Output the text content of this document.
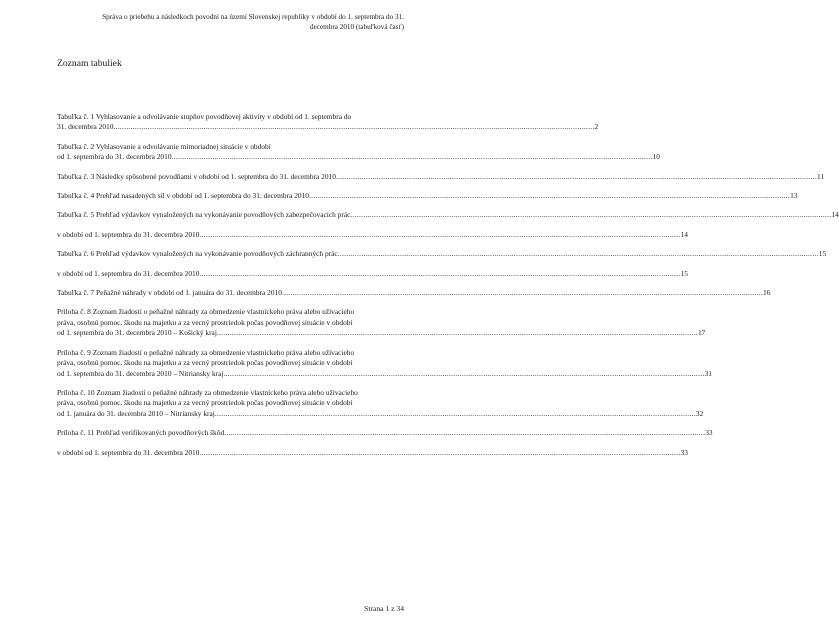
Správa o priebehu a následkoch povodní na území Slovenskej republiky v období do 1. septembra do 31.
decembra 2010 (tabuľková časť)
Zoznam tabuliek
Tabuľka č. 1 Vyhlasovanie a odvolávanie stupňov povodňovej aktivity v období od 1. septembra do
31. decembra 2010 .....	2
Tabuľka č. 2 Vyhlasovanie a odvolávanie mimoriadnej situácie v období
od 1. septembra do 31. decembra 2010 .....	10
Tabuľka č. 3 Následky spôsobené povodňami v období od 1. septembra do 31. decembra 2010 .....	11
Tabuľka č. 4 Prehľad nasadených síl v období od 1. septembra do 31. decembra 2010 .....	13
Tabuľka č. 5 Prehľad výdavkov vynaložených na vykonávanie povodňových zabezpečovacích prác .....	14
v období od 1. septembra do 31. decembra 2010 .....	14
Tabuľka č. 6 Prehľad výdavkov vynaložených na vykonávanie povodňových záchranných prác .....	15
v období od 1. septembra do 31. decembra 2010 .....	15
Tabuľka č. 7 Peňažné náhrady v období od 1. januára do 31. decembra 2010 .....	16
Príloha č. 8 Zoznam žiadostí o peňažné náhrady za obmedzenie vlastníckeho práva alebo užívacieho
práva, osobnú pomoc, škodu na majetku a za vecný prostriedok počas povodňovej situácie v období
od 1. septembra do 31. decembra 2010 – Košický kraj .....	17
Príloha č. 9 Zoznam žiadostí o peňažné náhrady za obmedzenie vlastníckeho práva alebo užívacieho
práva, osobnú pomoc, škodu na majetku a za vecný prostriedok počas povodňovej situácie v období
od 1. septembra do 31. decembra 2010 – Nitriansky kraj .....	31
Príloha č. 10 Zoznam žiadostí o peňažné náhrady za obmedzenie vlastníckeho práva alebo užívacieho
práva, osobnú pomoc, škodu na majetku a za vecný prostriedok počas povodňovej situácie v období
od 1. januára do 31. decembra 2010 – Nitriansky kraj .....	32
Príloha č. 11 Prehľad verifikovaných povodňových škôd .....	33
v období od 1. septembra do 31. decembra 2010 .....	33
Strana 1 z 34
